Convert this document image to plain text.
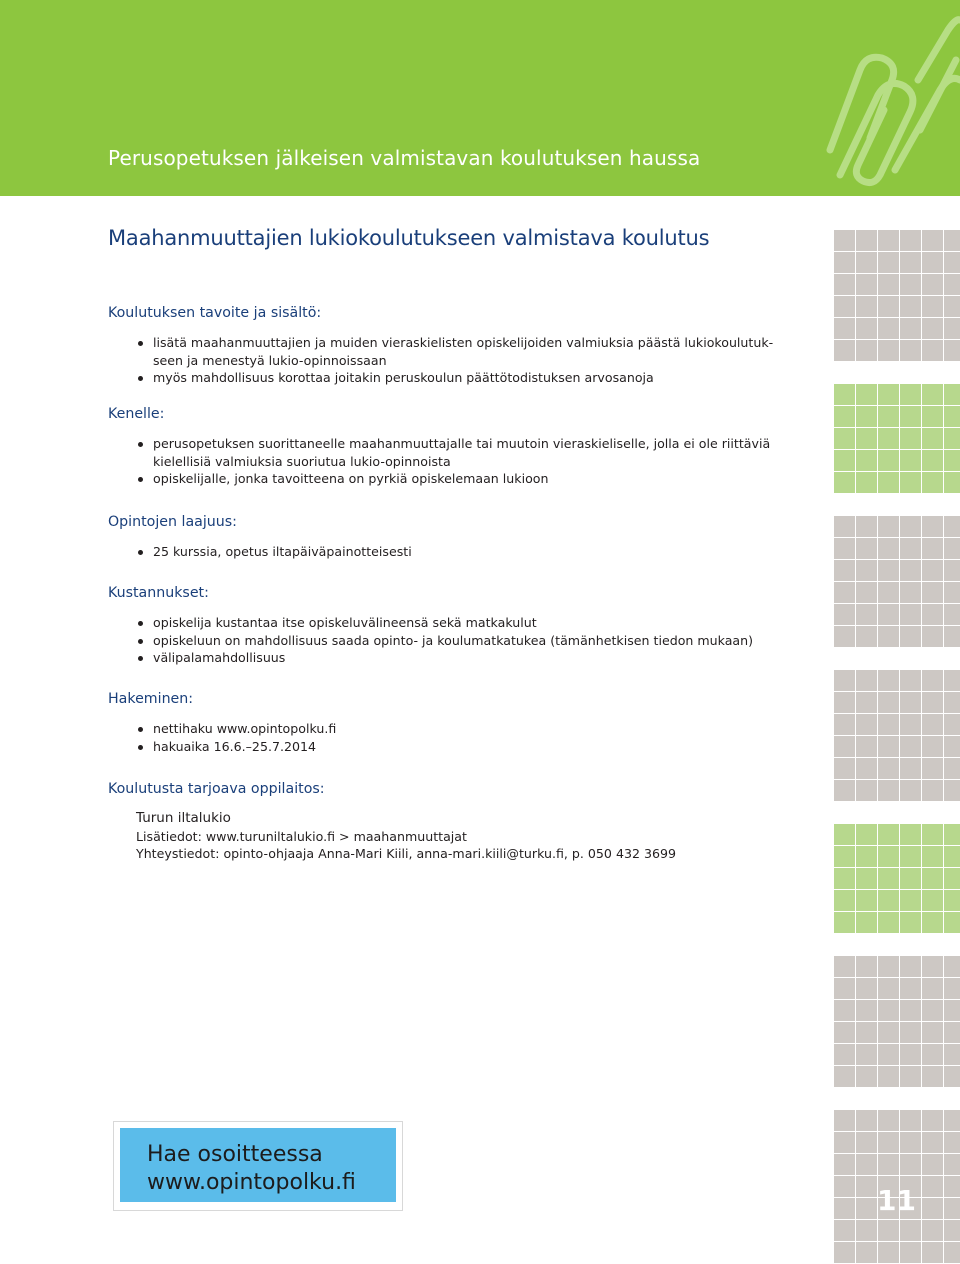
Perusopetuksen jälkeisen valmistavan koulutuksen haussa
Maahanmuuttajien lukiokoulutukseen valmistava koulutus
Koulutuksen tavoite ja sisältö:
lisätä maahanmuuttajien ja muiden vieraskielisten opiskelijoiden valmiuksia päästä lukiokoulutuk-seen ja menestyä lukio-opinnoissaan
myös mahdollisuus korottaa joitakin peruskoulun päättötodistuksen arvosanoja
Kenelle:
perusopetuksen suorittaneelle maahanmuuttajalle tai muutoin vieraskieliselle, jolla ei ole riittäviä kielellisiä valmiuksia suoriutua lukio-opinnoista
opiskelijalle, jonka tavoitteena on pyrkiä opiskelemaan lukioon
Opintojen laajuus:
25 kurssia, opetus iltapäiväpainotteisesti
Kustannukset:
opiskelija kustantaa itse opiskeluvälineensä sekä matkakulut
opiskeluun on mahdollisuus saada opinto- ja koulumatkatukea (tämänhetkisen tiedon mukaan)
välipalamahdollisuus
Hakeminen:
nettihaku www.opintopolku.fi
hakuaika 16.6.–25.7.2014
Koulutusta tarjoava oppilaitos:
Turun iltalukio
Lisätiedot: www.turuniltalukio.fi > maahanmuuttajat
Yhteystiedot: opinto-ohjaaja Anna-Mari Kiili, anna-mari.kiili@turku.fi, p. 050 432 3699
Hae osoitteessa
www.opintopolku.fi
11
